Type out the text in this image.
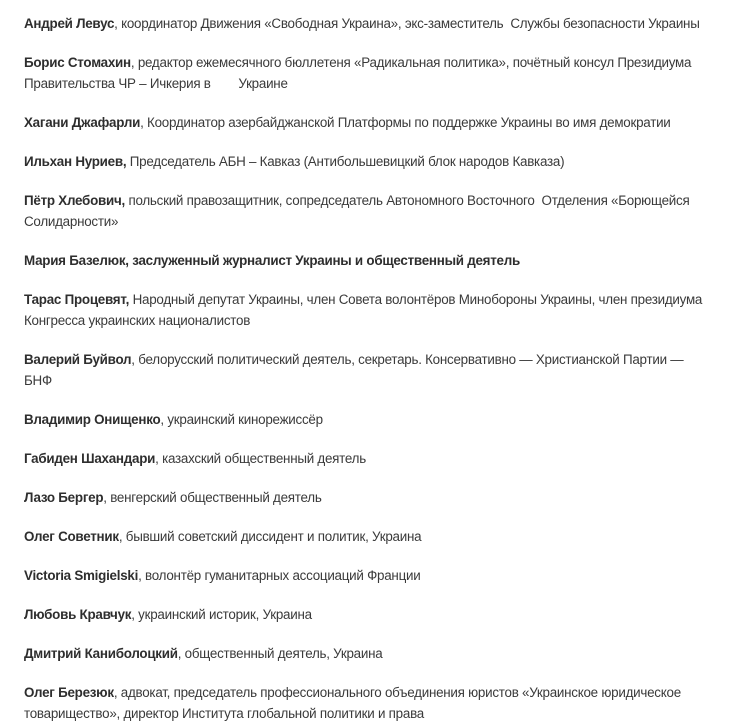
Андрей Левус, координатор Движения «Свободная Украина», экс-заместитель  Службы безопасности Украины

Борис Стомахин, редактор ежемесячного бюллетеня «Радикальная политика», почётный консул Президиума Правительства ЧР – Ичкерия в        Украине

Хагани Джафарли, Координатор азербайджанской Платформы по поддержке Украины во имя демократии

Ильхан Нуриев, Председатель АБН – Кавказ (Антибольшевицкий блок народов Кавказа)

Пётр Хлебович, польский правозащитник, сопредседатель Автономного Восточного  Отделения «Борющейся Солидарности»

Мария Базелюк, заслуженный журналист Украины и общественный деятель

Тарас Процевят, Народный депутат Украины, член Совета волонтёров Минобороны Украины, член президиума Конгресса украинских националистов

Валерий Буйвол, белорусский политический деятель, секретарь. Консервативно — Христианской Партии — БНФ

Владимир Онищенко, украинский кинорежиссёр

Габиден Шахандари, казахский общественный деятель

Лазо Бергер, венгерский общественный деятель

Олег Советник, бывший советский диссидент и политик, Украина

Victoria Smigielski, волонтёр гуманитарных ассоциаций Франции

Любовь Кравчук, украинский историк, Украина

Дмитрий Каниболоцкий, общественный деятель, Украина

Олег Березюк, адвокат, председатель профессионального объединения юристов «Украинское юридическое товарищество», директор Института глобальной политики и права
